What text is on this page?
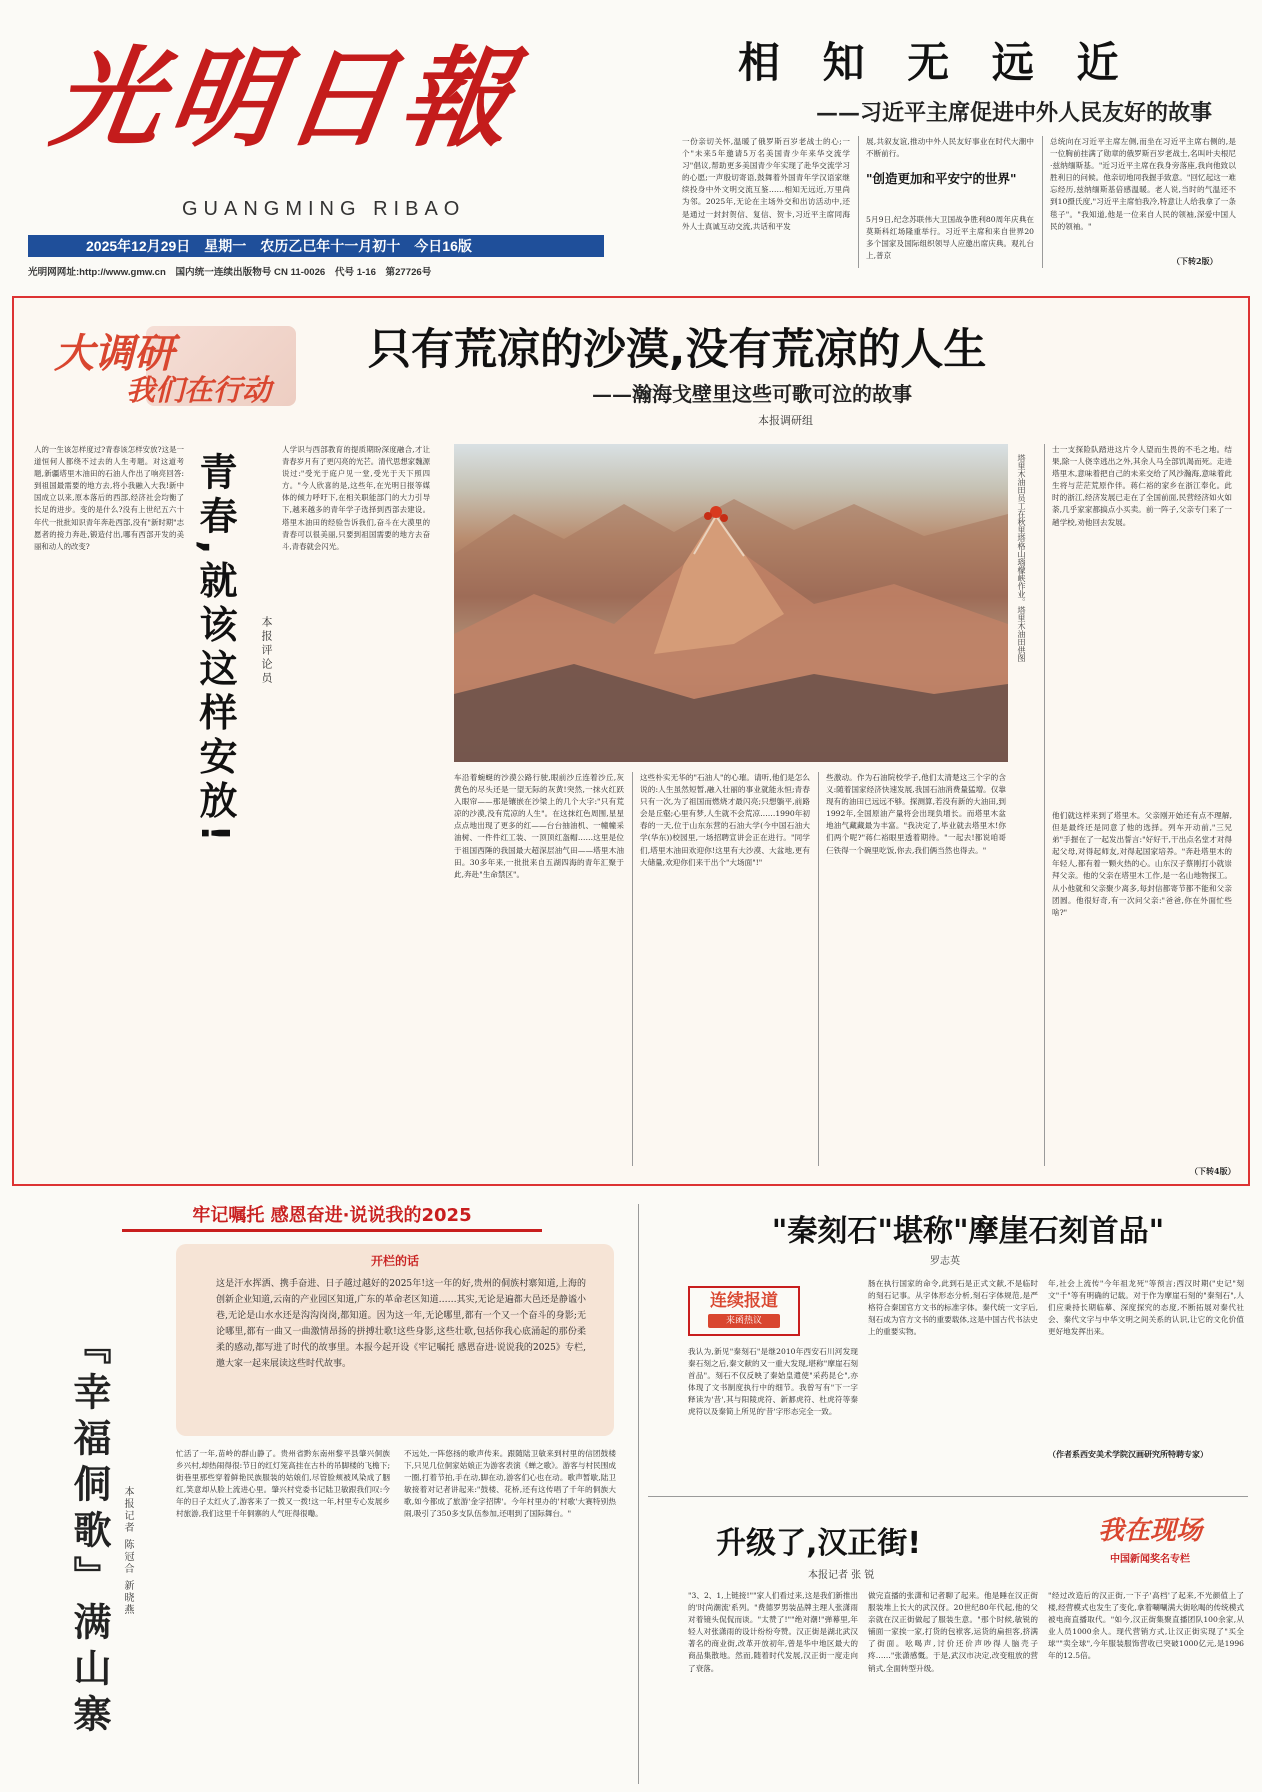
光明日報
GUANGMING RIBAO
2025年12月29日　星期一　农历乙巳年十一月初十　今日16版
光明网网址:http://www.gmw.cn　国内统一连续出版物号 CN 11-0026　代号 1-16　第27726号
相 知 无 远 近
——习近平主席促进中外人民友好的故事
一份亲切关怀,温暖了俄罗斯百岁老战士的心;一个"未来5年邀请5万名美国青少年来华交流学习"倡议,帮助更多美国青少年实现了赴华交流学习的心愿;一声殷切寄语,鼓舞着外国青年学汉语家继续投身中外文明交流互鉴……相知无远近,万里尚为邻。2025年,无论在主场外交和出访活动中,还是通过一封封贺信、复信、贺卡,习近平主席同海外人士真诚互动交流,共话和平发
展,共叙友谊,推动中外人民友好事业在时代大潮中不断前行。
"创造更加和平安宁的世界"
5月9日,纪念苏联伟大卫国战争胜利80周年庆典在莫斯科红场隆重举行。习近平主席和来自世界20多个国家及国际组织领导人应邀出席庆典。观礼台上,普京
总统向在习近平主席左侧,而坐在习近平主席右侧的,是一位胸前挂满了勋章的俄罗斯百岁老战士,名叫叶夫根尼·兹纳缅斯基。"近习近平主席在我身旁落座,我向他致以胜利日的问候。他亲切地同我握手致意。"回忆起这一难忘经历,兹纳缅斯基倍感温暖。老人说,当时的气温还不到10摄氏度,"习近平主席怕我冷,特意让人给我拿了一条毯子"。"我知道,他是一位来自人民的领袖,深爱中国人民的领袖。"
（下转2版）
大调研
我们在行动
只有荒凉的沙漠,没有荒凉的人生
——瀚海戈壁里这些可歌可泣的故事
本报调研组
人的一生该怎样度过?青春该怎样安放?这是一道恒何人都绕不过去的人生考题。对这道考题,新疆塔里木油田的石油人作出了响亮回答:到祖国最需要的地方去,将小我融入大我!新中国成立以来,原本落后的西部,经济社会均衡了长足的进步。变的是什么?没有上世纪五六十年代一批批知识青年奔赴西部,没有"新时期"志愿者的接力奔赴,锻造付出,哪有西部开发的美丽和动人的改变?	青春,就该这样安放! 本报评论员
人学识与西部教育的提质期盼深度融合,才让青春岁月有了更闪亮的光芒。清代思想家魏源说过:"受光于庭户见一堂,受光于天下照四方。"今人欣喜的是,这些年,在光明日报等媒体的倾力呼吁下,在相关职能部门的大力引导下,越来越多的青年学子选择到西部去建设。塔里木油田的经验告诉我们,奋斗在大漠里的青春可以很美丽,只要到祖国需要的地方去奋斗,青春就会闪光。	塔里木油田员工在秋里塔格山瑙檬峡作业。塔里木油田供图
车沿着蜿蜒的沙漠公路行驶,眼前沙丘连着沙丘,灰黄色的尽头还是一望无际的灰黄!突然,一抹火红跃入眼帘——那是镶嵌在沙梁上的几个大字:"只有荒凉的沙漠,没有荒凉的人生"。在这抹红色周围,星星点点地出现了更多的红——台台抽油机、一幢幢采油树、一件件红工装、一顶顶红盔帽……这里是位于祖国西陲的我国最大超深层油气田——塔里木油田。30多年来,一批批来自五湖四海的青年汇聚于此,奔赴"生命禁区"。
这些朴实无华的"石油人"的心璀。请听,他们是怎么说的:人生虽然短暂,融入壮丽的事业就能永恒;青春只有一次,为了祖国而燃烧才最闪亮;只想躺平,前路会是丘壑;心里有梦,人生就不会荒凉……1990年初春的一天,位于山东东营的石油大学(今中国石油大学(华东))校园里,一场招聘宣讲会正在进行。"同学们,塔里木油田欢迎你!这里有大沙漠、大盆地,更有大储量,欢迎你们来干出个"大场面"!"
些激动。作为石油院校学子,他们太清楚这三个字的含义:随着国家经济快速发展,我国石油消费量猛增。仅靠现有的油田已远远不够。探测算,若没有新的大油田,到1992年,全国原油产量将会出现负增长。而塔里木盆地油气藏藏最为丰富。"我决定了,毕业就去塔里木!你们两个呢?"蒋仁裕眼里透着期待。"一起去!都说咱哥仨铁得一个碗里吃饭,你去,我们俩当然也得去。"
士一支探险队踏进这片令人望而生畏的不毛之地。结果,除一人侥幸逃出之外,其余人马全部饥渴而死。走进塔里木,意味着把自己的未来交给了风沙瀚海,意味着此生将与茫茫荒原作伴。蒋仁裕的家乡在浙江奉化。此时的浙江,经济发展已走在了全国前面,民营经济如火如荼,几乎家家都搞点小买卖。前一阵子,父亲专门来了一趟学校,劝他回去发展。
他们就这样来到了塔里木。父亲刚开始还有点不理解,但是最终还是同意了他的选择。列车开动前,"三兄弟"手握在了一起发出誓言:"好好干,干出点名堂才对得起父母,对得起师友,对得起国家培养。"奔赴塔里木的年轻人,都有着一颗火热的心。山东汉子蔡刚打小就崇拜父亲。他的父亲在塔里木工作,是一名山地物探工。从小他就和父亲聚少离多,每封信都寄节都不能和父亲团圆。他很好奇,有一次问父亲:"爸爸,你在外面忙些啥?"
（下转4版）
牢记嘱托 感恩奋进·说说我的2025
开栏的话
这是汗水挥洒、携手奋进、日子越过越好的2025年!这一年的好,贵州的侗族村寨知道,上海的创新企业知道,云南的产业园区知道,广东的革命老区知道……其实,无论是遍都大邑还是静谧小巷,无论是山水水还是沟沟岗岗,都知道。因为这一年,无论哪里,都有一个又一个奋斗的身影;无论哪里,都有一曲又一曲激情昂扬的拼搏壮歌!这些身影,这些壮歌,包括你我心底涌起的那份柔柔的感动,都写进了时代的故事里。本报今起开设《牢记嘱托 感恩奋进·说说我的2025》专栏,邀大家一起来展读这些时代故事。
『幸福侗歌』满山寨	本报记者 陈冠合 新晓燕
忙活了一年,苗岭的群山静了。贵州省黔东南州黎平县肇兴侗族乡兴村,却热闹得很:节日的红灯笼高挂在古朴的吊脚楼的飞檐下;街巷里那些穿着鲜艳民族服装的姑娘们,尽管脸颊被风染成了胭红,笑意却从脸上流进心里。肇兴村党委书记陆卫敏跟我们叹:今年的日子太红火了,游客来了一拨又一拨!这一年,村里专心发展乡村旅游,我们这里千年侗寨的人气旺得很嘞。
不远处,一阵悠扬的歌声传来。跟随陆卫敏来到村里的信团鼓楼下,只见几位侗家姑娘正为游客表演《蝉之歌》。游客与村民围成一圈,打着节拍,手在动,脚在动,游客们心也在动。歌声暂歇,陆卫敏接着对记者讲起来:"鼓楼、花桥,还有这传唱了千年的侗族大歌,如今都成了旅游'金字招牌'。今年村里办的'村歌'大赛特别热闹,吸引了350多支队伍参加,还唱到了国际舞台。"
"秦刻石"堪称"摩崖石刻首品"
罗志英
连续报道
来函热议
我认为,新见"秦刻石"是继2010年西安石川河发现秦石刻之后,秦文献的又一重大发现,堪称"摩崖石刻首品"。刻石不仅反映了秦始皇遣使"采药昆仑",亦体现了文书制度执行中的细节。我曾写有"下一字释读为'昔',其与阳陵虎符、新郪虎符、杜虎符等秦虎符以及秦简上所见的'昔'字形态完全一致。
肠在执行国家的命令,此到石是正式文献,不是临时的刻石记事。从字体形态分析,刻石字体规范,是严格符合秦国官方文书的标准字体。秦代统一文字后,刻石成为官方文书的重要载体,这是中国古代书法史上的重要实物。
年,社会上流传"今年祖龙死"等预言;西汉时期("史记"刻文"千"等有明确的记载。对于作为摩崖石刻的"秦刻石",人们应秉持长期临摹、深度探究的态度,不断拓展对秦代社会、秦代文字与中华文明之间关系的认识,让它的文化价值更好地发挥出来。
（作者系西安美术学院汉画研究所特聘专家）
升级了,汉正街!
本报记者 张 锐
我在现场
中国新闻奖名专栏
"3、2、1,上链接!""家人们看过来,这是我们新推出的'时尚潮流'系列。"费德罗男装品牌主理人张潇雨对着镜头侃侃而谈。"太赞了!""绝对潮!"弹幕里,年轻人对张潇雨的设计纷纷夸赞。汉正街是湖北武汉著名的商业街,改革开放初年,曾是华中地区最大的商品集散地。然而,随着时代发展,汉正街一度走向了衰落。
做完直播的张潇和记者聊了起来。他是睡在汉正街服装堆上长大的武汉伢。20世纪80年代起,他的父亲就在汉正街做起了服装生意。"那个时候,敏锐的铺面一家挨一家,打货的包袱客,运货的扁担客,挤满了街面。吆喝声,讨价还价声吵得人脑壳子疼……"张潇感慨。于是,武汉市决定,改变粗放的营销式,全面转型升级。
"经过改造后的汉正街,一下子'高档'了起来,不光颜值上了楼,经营模式也发生了变化,拿着唰唰满大街吆喝的传统模式被电商直播取代。"如今,汉正街集聚直播团队100余家,从业人员1000余人。现代营销方式,让汉正街实现了"买全球""卖全球",今年服装服饰营收已突破1000亿元,是1996年的12.5倍。
